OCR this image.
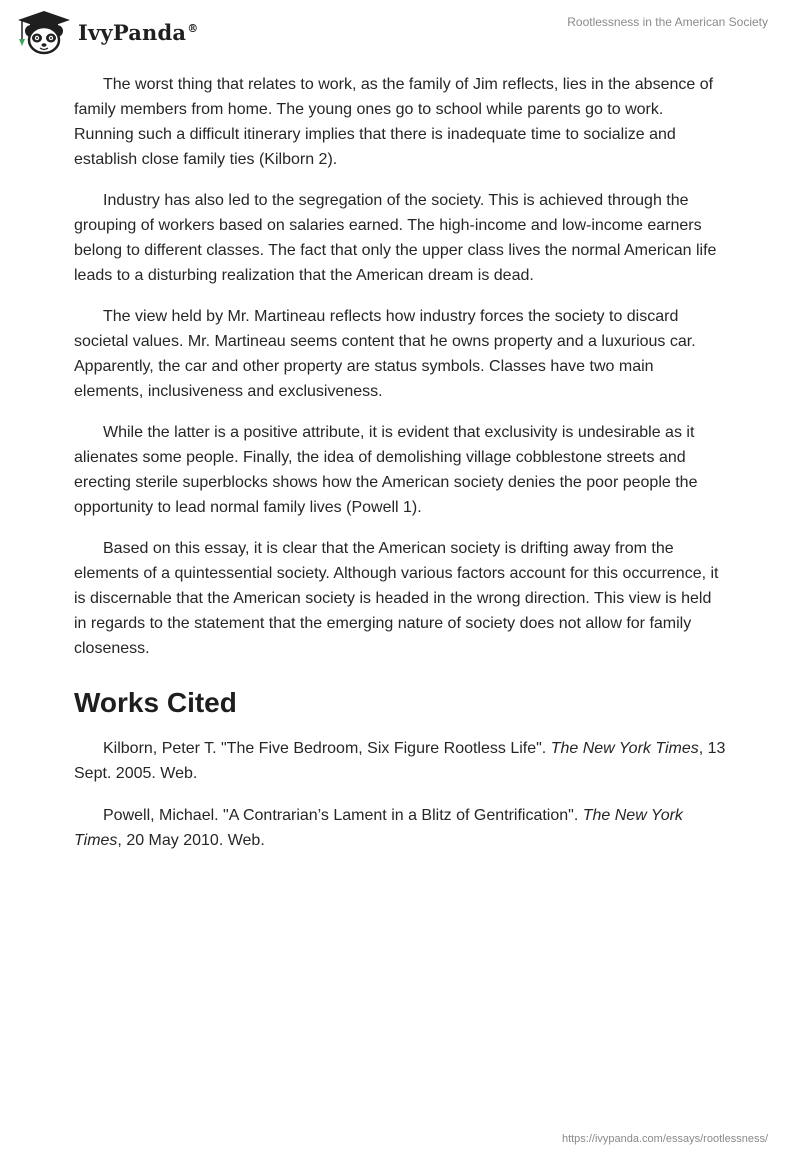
IvyPanda®	Rootlessness in the American Society

The worst thing that relates to work, as the family of Jim reflects, lies in the absence of family members from home. The young ones go to school while parents go to work. Running such a difficult itinerary implies that there is inadequate time to socialize and establish close family ties (Kilborn 2).

Industry has also led to the segregation of the society. This is achieved through the grouping of workers based on salaries earned. The high-income and low-income earners belong to different classes. The fact that only the upper class lives the normal American life leads to a disturbing realization that the American dream is dead.

The view held by Mr. Martineau reflects how industry forces the society to discard societal values. Mr. Martineau seems content that he owns property and a luxurious car. Apparently, the car and other property are status symbols. Classes have two main elements, inclusiveness and exclusiveness.

While the latter is a positive attribute, it is evident that exclusivity is undesirable as it alienates some people. Finally, the idea of demolishing village cobblestone streets and erecting sterile superblocks shows how the American society denies the poor people the opportunity to lead normal family lives (Powell 1).

Based on this essay, it is clear that the American society is drifting away from the elements of a quintessential society. Although various factors account for this occurrence, it is discernable that the American society is headed in the wrong direction. This view is held in regards to the statement that the emerging nature of society does not allow for family closeness.

Works Cited

Kilborn, Peter T. "The Five Bedroom, Six Figure Rootless Life". The New York Times, 13 Sept. 2005. Web.

Powell, Michael. "A Contrarian’s Lament in a Blitz of Gentrification". The New York Times, 20 May 2010. Web.

https://ivypanda.com/essays/rootlessness/
